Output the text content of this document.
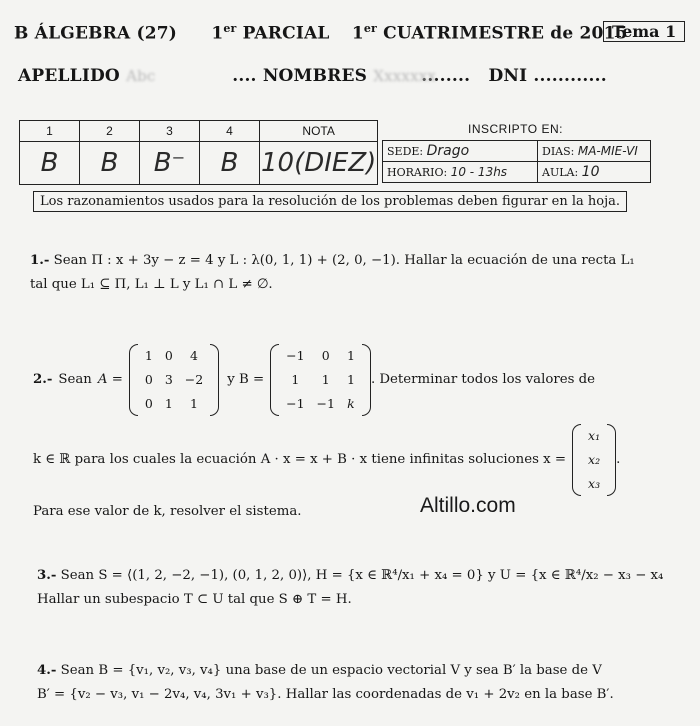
B ÁLGEBRA (27) 1er PARCIAL 1er CUATRIMESTRE de 2015
Tema 1
APELLIDO Abc	.... NOMBRES Xxxxxxx........ DNI ............
1	2	3	4	NOTA
B	B	B⁻	B	10(DIEZ)
INSCRIPTO EN:
SEDE: Drago	DIAS: MA-MIE-VI
HORARIO: 10 - 13hs	AULA: 10
Los razonamientos usados para la resolución de los problemas deben figurar en la hoja.
1.- Sean Π : x + 3y − z = 4 y L : λ(0, 1, 1) + (2, 0, −1). Hallar la ecuación de una recta L₁
tal que L₁ ⊆ Π, L₁ ⊥ L y L₁ ∩ L ≠ ∅.
2.- Sean A =
1	0	4
0	3	−2
0	1	1
y B =
−1	0	1
1	1	1
−1	−1	k
. Determinar todos los valores de
k ∈ ℝ para los cuales la ecuación A · x = x + B · x tiene infinitas soluciones x =
x₁
x₂
x₃
.
Para ese valor de k, resolver el sistema.	Altillo.com
3.- Sean S = ⟨(1, 2, −2, −1), (0, 1, 2, 0)⟩, H = {x ∈ ℝ⁴/x₁ + x₄ = 0} y U = {x ∈ ℝ⁴/x₂ − x₃ − x₄
Hallar un subespacio T ⊂ U tal que S ⊕ T = H.
4.- Sean B = {v₁, v₂, v₃, v₄} una base de un espacio vectorial V y sea B′ la base de V
B′ = {v₂ − v₃, v₁ − 2v₄, v₄, 3v₁ + v₃}. Hallar las coordenadas de v₁ + 2v₂ en la base B′.
